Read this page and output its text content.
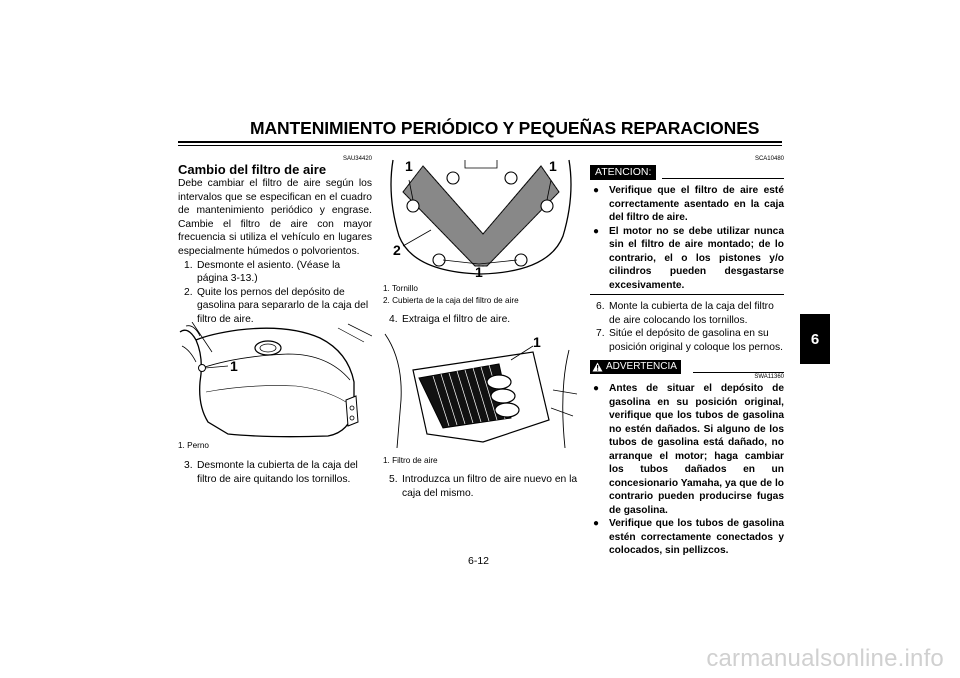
MANTENIMIENTO PERIÓDICO Y PEQUEÑAS REPARACIONES
6
SAU34420
Cambio del filtro de aire
Debe cambiar el filtro de aire según los intervalos que se especifican en el cuadro de mantenimiento periódico y engrase. Cambie el filtro de aire con mayor frecuencia si utiliza el vehículo en lugares especialmente húmedos o polvorientos.
1. Desmonte el asiento. (Véase la página 3-13.)
2. Quite los pernos del depósito de gasolina para separarlo de la caja del filtro de aire.
1
1. Perno
3. Desmonte la cubierta de la caja del filtro de aire quitando los tornillos.
1	1
2
1
1. Tornillo
2. Cubierta de la caja del filtro de aire
4. Extraiga el filtro de aire.
1
1. Filtro de aire
5. Introduzca un filtro de aire nuevo en la caja del mismo.
SCA10480
ATENCION:
● Verifique que el filtro de aire esté correctamente asentado en la caja del filtro de aire.
● El motor no se debe utilizar nunca sin el filtro de aire montado; de lo contrario, el o los pistones y/o cilindros pueden desgastarse excesivamente.
6. Monte la cubierta de la caja del filtro de aire colocando los tornillos.
7. Sitúe el depósito de gasolina en su posición original y coloque los pernos.
ADVERTENCIA
SWA11360
● Antes de situar el depósito de gasolina en su posición original, verifique que los tubos de gasolina no estén dañados. Si alguno de los tubos de gasolina está dañado, no arranque el motor; haga cambiar los tubos dañados en un concesionario Yamaha, ya que de lo contrario pueden producirse fugas de gasolina.
● Verifique que los tubos de gasolina estén correctamente conectados y colocados, sin pellizcos.
6-12
carmanualsonline.info
